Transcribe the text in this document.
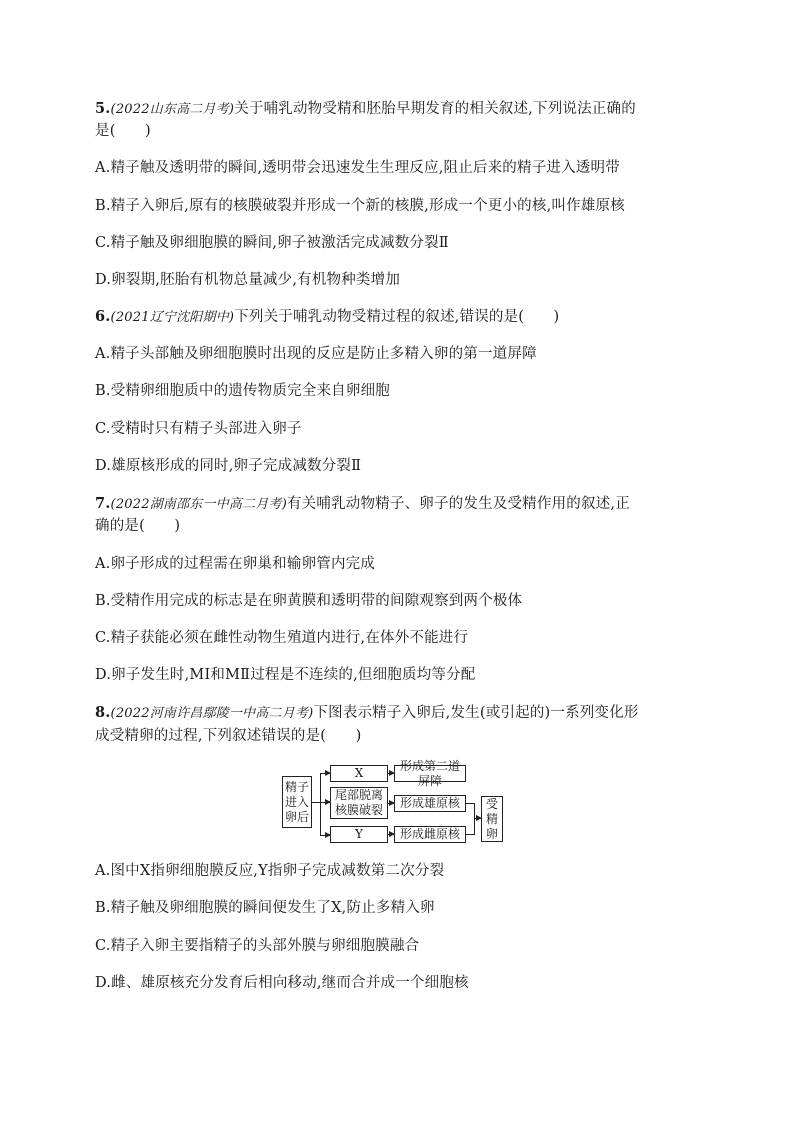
5.(2022山东高二月考)关于哺乳动物受精和胚胎早期发育的相关叙述,下列说法正确的
是(　　)
A.精子触及透明带的瞬间,透明带会迅速发生生理反应,阻止后来的精子进入透明带
B.精子入卵后,原有的核膜破裂并形成一个新的核膜,形成一个更小的核,叫作雄原核
C.精子触及卵细胞膜的瞬间,卵子被激活完成减数分裂Ⅱ
D.卵裂期,胚胎有机物总量减少,有机物种类增加
6.(2021辽宁沈阳期中)下列关于哺乳动物受精过程的叙述,错误的是(　　)
A.精子头部触及卵细胞膜时出现的反应是防止多精入卵的第一道屏障
B.受精卵细胞质中的遗传物质完全来自卵细胞
C.受精时只有精子头部进入卵子
D.雄原核形成的同时,卵子完成减数分裂Ⅱ
7.(2022湖南邵东一中高二月考)有关哺乳动物精子、卵子的发生及受精作用的叙述,正
确的是(　　)
A.卵子形成的过程需在卵巢和输卵管内完成
B.受精作用完成的标志是在卵黄膜和透明带的间隙观察到两个极体
C.精子获能必须在雌性动物生殖道内进行,在体外不能进行
D.卵子发生时,MⅠ和MⅡ过程是不连续的,但细胞质均等分配
8.(2022河南许昌鄢陵一中高二月考)下图表示精子入卵后,发生(或引起的)一系列变化形
成受精卵的过程,下列叙述错误的是(　　)
精子
进入
卵后
X
尾部脱离
核膜破裂
Y
形成第二道屏障
形成雄原核
形成雌原核
受
精
卵
A.图中X指卵细胞膜反应,Y指卵子完成减数第二次分裂
B.精子触及卵细胞膜的瞬间便发生了X,防止多精入卵
C.精子入卵主要指精子的头部外膜与卵细胞膜融合
D.雌、雄原核充分发育后相向移动,继而合并成一个细胞核
